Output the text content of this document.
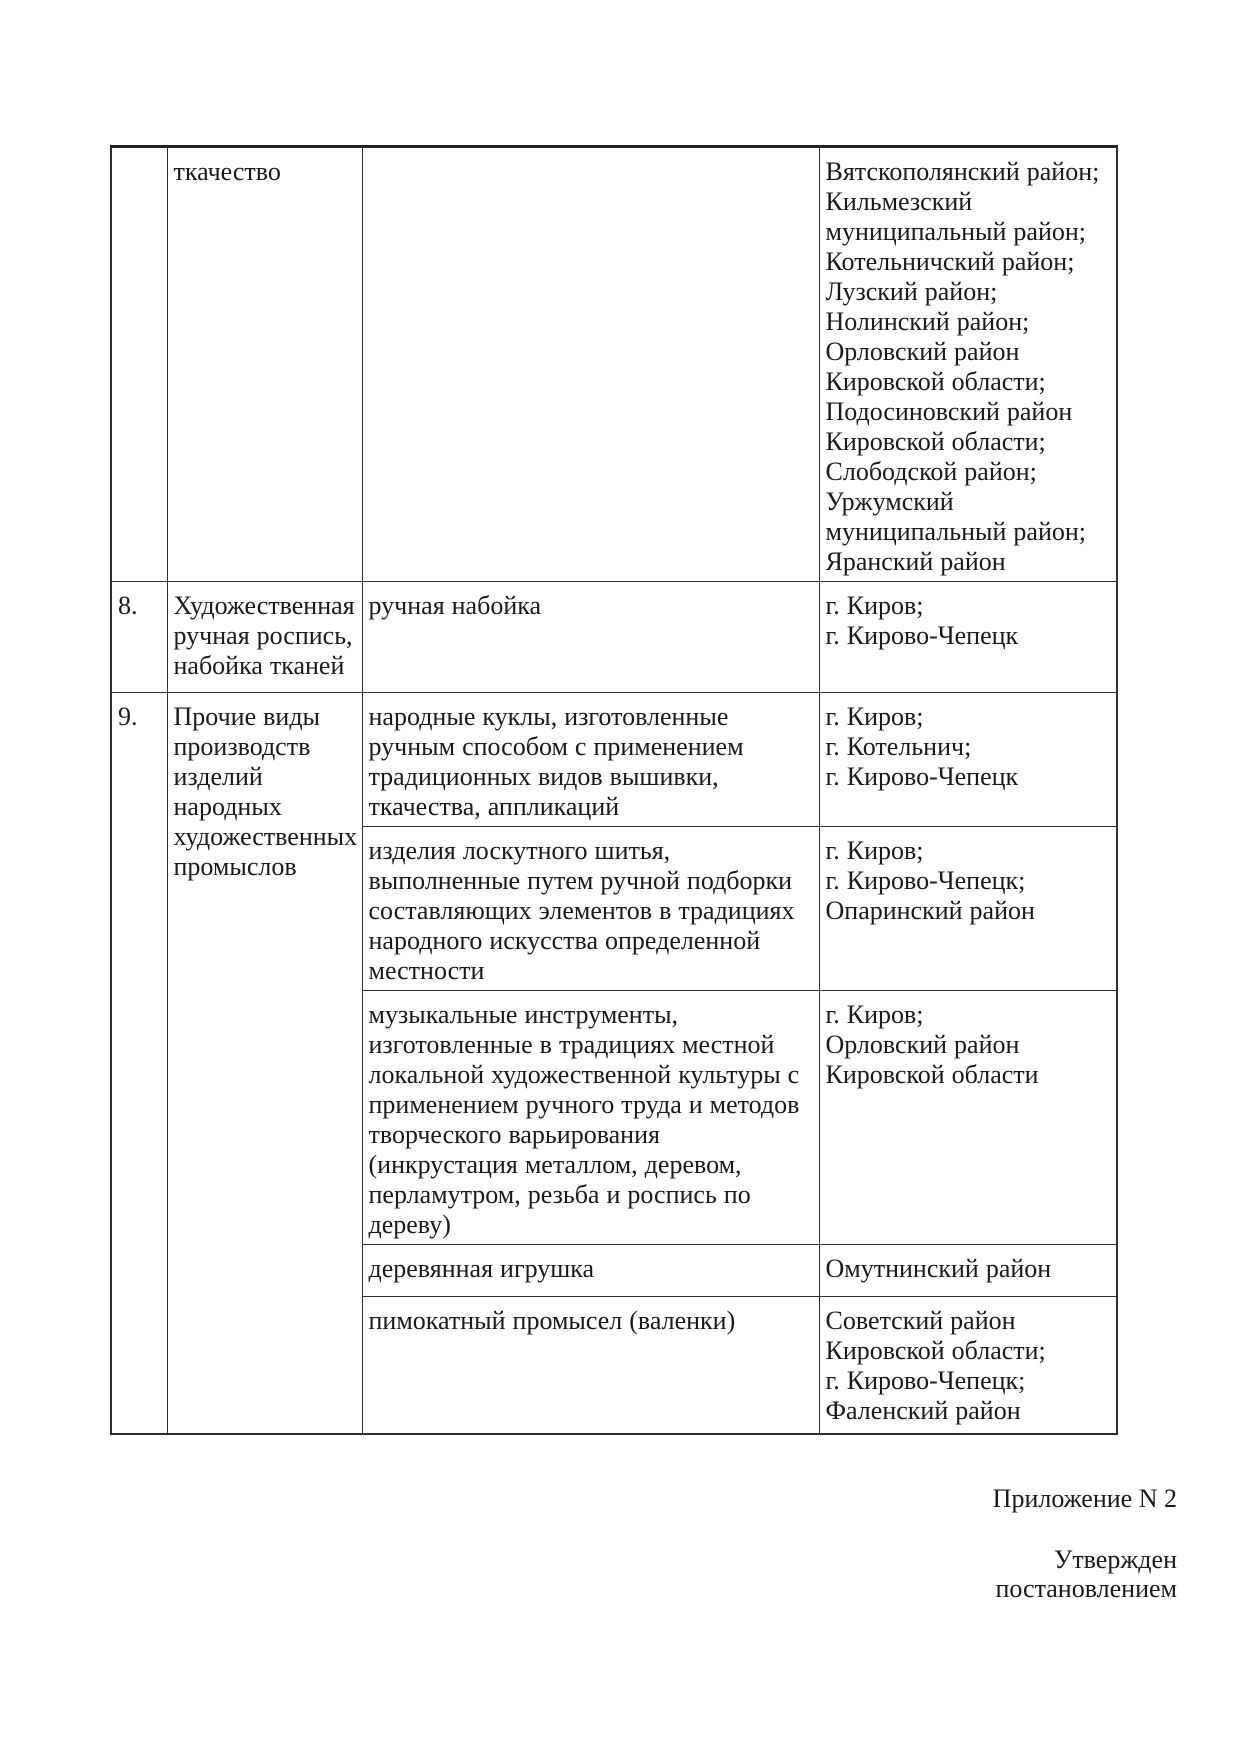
	ткачество		Вятскополянский район;
Кильмезский муниципальный район;
Котельничский район;
Лузский район;
Нолинский район;
Орловский район Кировской области;
Подосиновский район Кировской области;
Слободской район;
Уржумский муниципальный район;
Яранский район

8.	Художественная ручная роспись, набойка тканей	ручная набойка	г. Киров;
г. Кирово-Чепецк

9.	Прочие виды производств изделий народных художественных промыслов	народные куклы, изготовленные ручным способом с применением традиционных видов вышивки, ткачества, аппликаций	г. Киров;
г. Котельнич;
г. Кирово-Чепецк

		изделия лоскутного шитья, выполненные путем ручной подборки составляющих элементов в традициях народного искусства определенной местности	г. Киров;
г. Кирово-Чепецк;
Опаринский район

		музыкальные инструменты, изготовленные в традициях местной локальной художественной культуры с применением ручного труда и методов творческого варьирования (инкрустация металлом, деревом, перламутром, резьба и роспись по дереву)	г. Киров;
Орловский район Кировской области

		деревянная игрушка	Омутнинский район

		пимокатный промысел (валенки)	Советский район Кировской области;
г. Кирово-Чепецк;
Фаленский район
Приложение N 2
Утвержден
постановлением
